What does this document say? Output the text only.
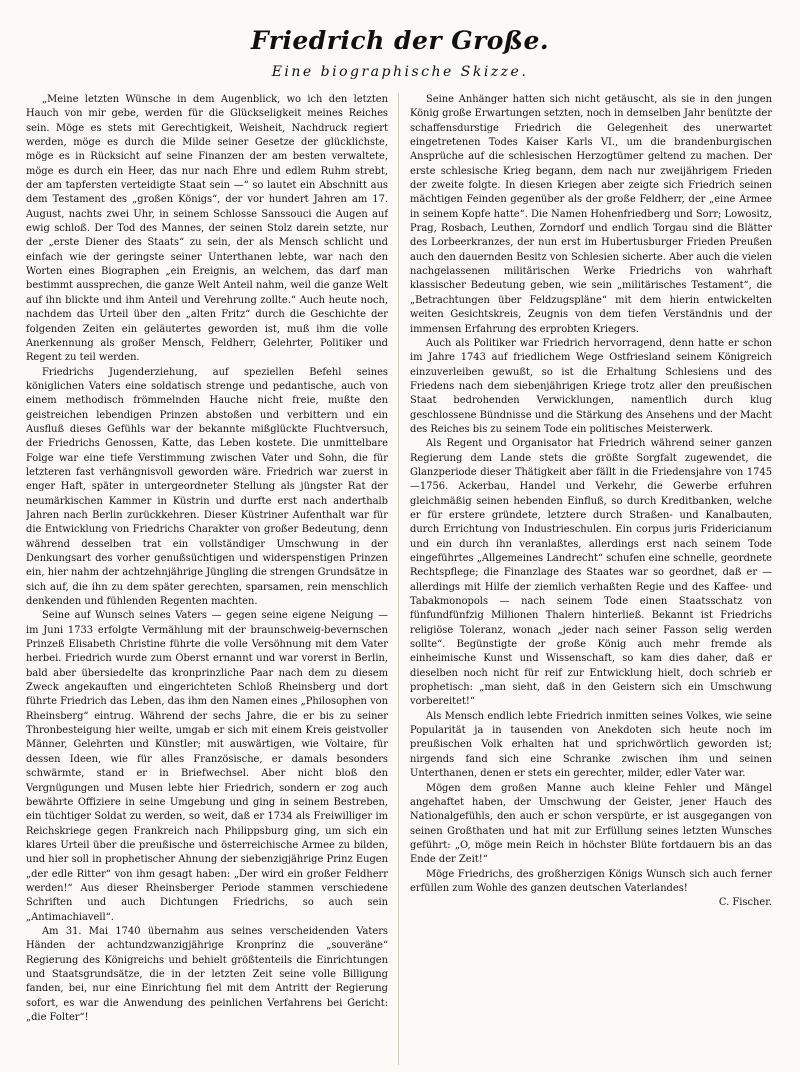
Friedrich der Große.
Eine biographische Skizze.

„Meine letzten Wünsche in dem Augenblick, wo ich den letzten Hauch von mir gebe, werden für die Glückseligkeit meines Reiches sein. Möge es stets mit Gerechtigkeit, Weisheit, Nachdruck regiert werden, möge es durch die Milde seiner Gesetze der glücklichste, möge es in Rücksicht auf seine Finanzen der am besten verwaltete, möge es durch ein Heer, das nur nach Ehre und edlem Ruhm strebt, der am tapfersten verteidigte Staat sein —“ so lautet ein Abschnitt aus dem Testament des „großen Königs“, der vor hundert Jahren am 17. August, nachts zwei Uhr, in seinem Schlosse Sanssouci die Augen auf ewig schloß. Der Tod des Mannes, der seinen Stolz darein setzte, nur der „erste Diener des Staats“ zu sein, der als Mensch schlicht und einfach wie der geringste seiner Unterthanen lebte, war nach den Worten eines Biographen „ein Ereignis, an welchem, das darf man bestimmt aussprechen, die ganze Welt Anteil nahm, weil die ganze Welt auf ihn blickte und ihm Anteil und Verehrung zollte.“ Auch heute noch, nachdem das Urteil über den „alten Fritz“ durch die Geschichte der folgenden Zeiten ein geläutertes geworden ist, muß ihm die volle Anerkennung als großer Mensch, Feldherr, Gelehrter, Politiker und Regent zu teil werden.

Friedrichs Jugenderziehung, auf speziellen Befehl seines königlichen Vaters eine soldatisch strenge und pedantische, auch von einem methodisch frömmelnden Hauche nicht freie, mußte den geistreichen lebendigen Prinzen abstoßen und verbittern und ein Ausfluß dieses Gefühls war der bekannte mißglückte Fluchtversuch, der Friedrichs Genossen, Katte, das Leben kostete. Die unmittelbare Folge war eine tiefe Verstimmung zwischen Vater und Sohn, die für letzteren fast verhängnisvoll geworden wäre. Friedrich war zuerst in enger Haft, später in untergeordneter Stellung als jüngster Rat der neumärkischen Kammer in Küstrin und durfte erst nach anderthalb Jahren nach Berlin zurückkehren. Dieser Küstriner Aufenthalt war für die Entwicklung von Friedrichs Charakter von großer Bedeutung, denn während desselben trat ein vollständiger Umschwung in der Denkungsart des vorher genußsüchtigen und widerspenstigen Prinzen ein, hier nahm der achtzehnjährige Jüngling die strengen Grundsätze in sich auf, die ihn zu dem später gerechten, sparsamen, rein menschlich denkenden und fühlenden Regenten machten.

Seine auf Wunsch seines Vaters — gegen seine eigene Neigung — im Juni 1733 erfolgte Vermählung mit der braunschweig-bevernschen Prinzeß Elisabeth Christine führte die volle Versöhnung mit dem Vater herbei. Friedrich wurde zum Oberst ernannt und war vorerst in Berlin, bald aber übersiedelte das kronprinzliche Paar nach dem zu diesem Zweck angekauften und eingerichteten Schloß Rheinsberg und dort führte Friedrich das Leben, das ihm den Namen eines „Philosophen von Rheinsberg“ eintrug. Während der sechs Jahre, die er bis zu seiner Thronbesteigung hier weilte, umgab er sich mit einem Kreis geistvoller Männer, Gelehrten und Künstler; mit auswärtigen, wie Voltaire, für dessen Ideen, wie für alles Französische, er damals besonders schwärmte, stand er in Briefwechsel. Aber nicht bloß den Vergnügungen und Musen lebte hier Friedrich, sondern er zog auch bewährte Offiziere in seine Umgebung und ging in seinem Bestreben, ein tüchtiger Soldat zu werden, so weit, daß er 1734 als Freiwilliger im Reichskriege gegen Frankreich nach Philippsburg ging, um sich ein klares Urteil über die preußische und österreichische Armee zu bilden, und hier soll in prophetischer Ahnung der siebenzigjährige Prinz Eugen „der edle Ritter“ von ihm gesagt haben: „Der wird ein großer Feldherr werden!“ Aus dieser Rheinsberger Periode stammen verschiedene Schriften und auch Dichtungen Friedrichs, so auch sein „Antimachiavell“.

Am 31. Mai 1740 übernahm aus seines verscheidenden Vaters Händen der achtundzwanzigjährige Kronprinz die „souveräne“ Regierung des Königreichs und behielt größtenteils die Einrichtungen und Staatsgrundsätze, die in der letzten Zeit seine volle Billigung fanden, bei, nur eine Einrichtung fiel mit dem Antritt der Regierung sofort, es war die Anwendung des peinlichen Verfahrens bei Gericht: „die Folter“!

Seine Anhänger hatten sich nicht getäuscht, als sie in den jungen König große Erwartungen setzten, noch in demselben Jahr benützte der schaffensdurstige Friedrich die Gelegenheit des unerwartet eingetretenen Todes Kaiser Karls VI., um die brandenburgischen Ansprüche auf die schlesischen Herzogtümer geltend zu machen. Der erste schlesische Krieg begann, dem nach nur zweijährigem Frieden der zweite folgte. In diesen Kriegen aber zeigte sich Friedrich seinen mächtigen Feinden gegenüber als der große Feldherr, der „eine Armee in seinem Kopfe hatte“. Die Namen Hohenfriedberg und Sorr; Lowositz, Prag, Rosbach, Leuthen, Zorndorf und endlich Torgau sind die Blätter des Lorbeerkranzes, der nun erst im Hubertusburger Frieden Preußen auch den dauernden Besitz von Schlesien sicherte. Aber auch die vielen nachgelassenen militärischen Werke Friedrichs von wahrhaft klassischer Bedeutung geben, wie sein „militärisches Testament“, die „Betrachtungen über Feldzugspläne“ mit dem hierin entwickelten weiten Gesichtskreis, Zeugnis von dem tiefen Verständnis und der immensen Erfahrung des erprobten Kriegers.

Auch als Politiker war Friedrich hervorragend, denn hatte er schon im Jahre 1743 auf friedlichem Wege Ostfriesland seinem Königreich einzuverleiben gewußt, so ist die Erhaltung Schlesiens und des Friedens nach dem siebenjährigen Kriege trotz aller den preußischen Staat bedrohenden Verwicklungen, namentlich durch klug geschlossene Bündnisse und die Stärkung des Ansehens und der Macht des Reiches bis zu seinem Tode ein politisches Meisterwerk.

Als Regent und Organisator hat Friedrich während seiner ganzen Regierung dem Lande stets die größte Sorgfalt zugewendet, die Glanzperiode dieser Thätigkeit aber fällt in die Friedensjahre von 1745—1756. Ackerbau, Handel und Verkehr, die Gewerbe erfuhren gleichmäßig seinen hebenden Einfluß, so durch Kreditbanken, welche er für erstere gründete, letztere durch Straßen- und Kanalbauten, durch Errichtung von Industrieschulen. Ein corpus juris Fridericianum und ein durch ihn veranlaßtes, allerdings erst nach seinem Tode eingeführtes „Allgemeines Landrecht“ schufen eine schnelle, geordnete Rechtspflege; die Finanzlage des Staates war so geordnet, daß er — allerdings mit Hilfe der ziemlich verhaßten Regie und des Kaffee- und Tabakmonopols — nach seinem Tode einen Staatsschatz von fünfundfünfzig Millionen Thalern hinterließ. Bekannt ist Friedrichs religiöse Toleranz, wonach „jeder nach seiner Fasson selig werden sollte“. Begünstigte der große König auch mehr fremde als einheimische Kunst und Wissenschaft, so kam dies daher, daß er dieselben noch nicht für reif zur Entwicklung hielt, doch schrieb er prophetisch: „man sieht, daß in den Geistern sich ein Umschwung vorbereitet!“

Als Mensch endlich lebte Friedrich inmitten seines Volkes, wie seine Popularität ja in tausenden von Anekdoten sich heute noch im preußischen Volk erhalten hat und sprichwörtlich geworden ist; nirgends fand sich eine Schranke zwischen ihm und seinen Unterthanen, denen er stets ein gerechter, milder, edler Vater war.

Mögen dem großen Manne auch kleine Fehler und Mängel angehaftet haben, der Umschwung der Geister, jener Hauch des Nationalgefühls, den auch er schon verspürte, er ist ausgegangen von seinen Großthaten und hat mit zur Erfüllung seines letzten Wunsches geführt: „O, möge mein Reich in höchster Blüte fortdauern bis an das Ende der Zeit!“

Möge Friedrichs, des großherzigen Königs Wunsch sich auch ferner erfüllen zum Wohle des ganzen deutschen Vaterlandes!

C. Fischer.
